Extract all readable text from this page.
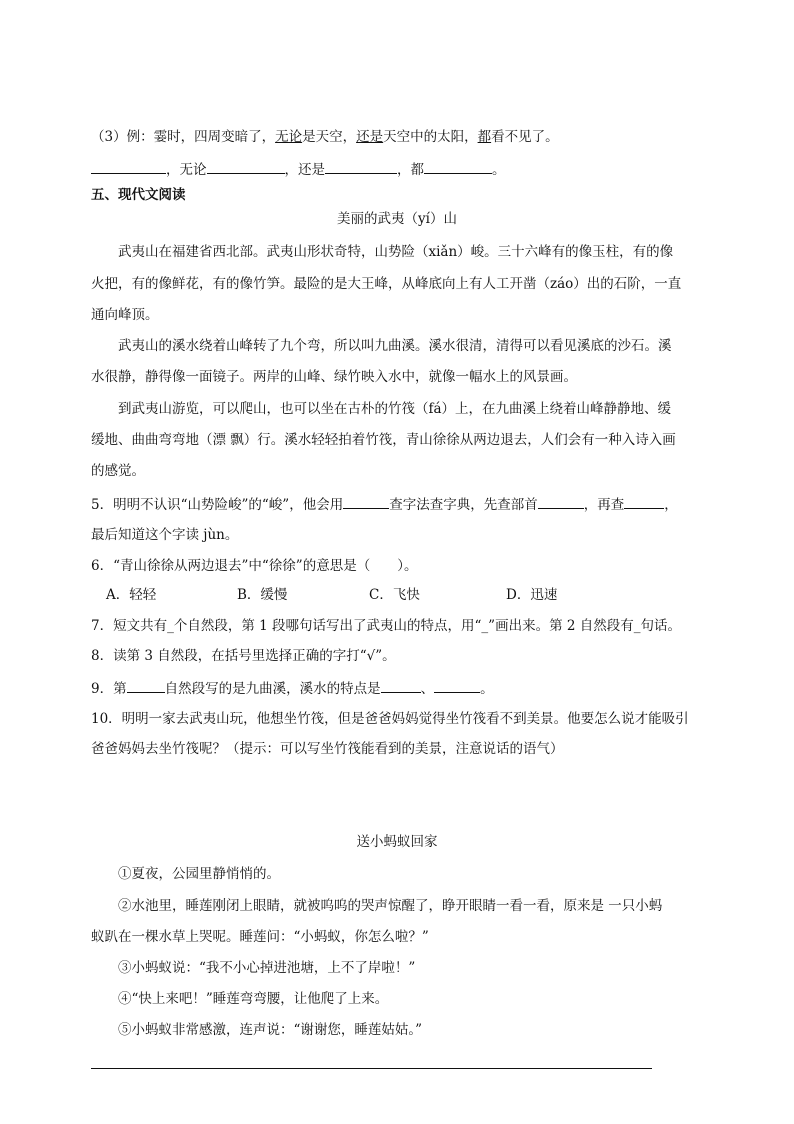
（3）例：霎时，四周变暗了，无论是天空，还是天空中的太阳，都看不见了。
，无论	，还是	，都	。
五、现代文阅读
美丽的武夷（yí）山
武夷山在福建省西北部。武夷山形状奇特，山势险（xiǎn）峻。三十六峰有的像玉柱，有的像
火把，有的像鲜花，有的像竹笋。最险的是大王峰，从峰底向上有人工开凿（záo）出的石阶，一直
通向峰顶。
武夷山的溪水绕着山峰转了九个弯，所以叫九曲溪。溪水很清，清得可以看见溪底的沙石。溪
水很静，静得像一面镜子。两岸的山峰、绿竹映入水中，就像一幅水上的风景画。
到武夷山游览，可以爬山，也可以坐在古朴的竹筏（fá）上，在九曲溪上绕着山峰静静地、缓
缓地、曲曲弯弯地（漂 飘）行。溪水轻轻拍着竹筏，青山徐徐从两边退去，人们会有一种入诗入画
的感觉。
5．明明不认识“山势险峻”的“峻”，他会用	查字法查字典，先查部首	，再查	，
最后知道这个字读 jùn。
6．“青山徐徐从两边退去”中“徐徐”的意思是（　　）。
A．轻轻	B．缓慢	C．飞快	D．迅速
7．短文共有_个自然段，第 1 段哪句话写出了武夷山的特点，用“_”画出来。第 2 自然段有_句话。
8．读第 3 自然段，在括号里选择正确的字打“√”。
9．第	自然段写的是九曲溪，溪水的特点是	、	。
10．明明一家去武夷山玩，他想坐竹筏，但是爸爸妈妈觉得坐竹筏看不到美景。他要怎么说才能吸引
爸爸妈妈去坐竹筏呢？（提示：可以写坐竹筏能看到的美景，注意说话的语气）
送小蚂蚁回家
①夏夜，公园里静悄悄的。
②水池里，睡莲刚闭上眼睛，就被呜呜的哭声惊醒了，睁开眼睛一看一看，原来是 一只小蚂
蚁趴在一棵水草上哭呢。睡莲问：“小蚂蚁，你怎么啦？”
③小蚂蚁说：“我不小心掉进池塘，上不了岸啦！”
④“快上来吧！”睡莲弯弯腰，让他爬了上来。
⑤小蚂蚁非常感激，连声说：“谢谢您，睡莲姑姑。”
